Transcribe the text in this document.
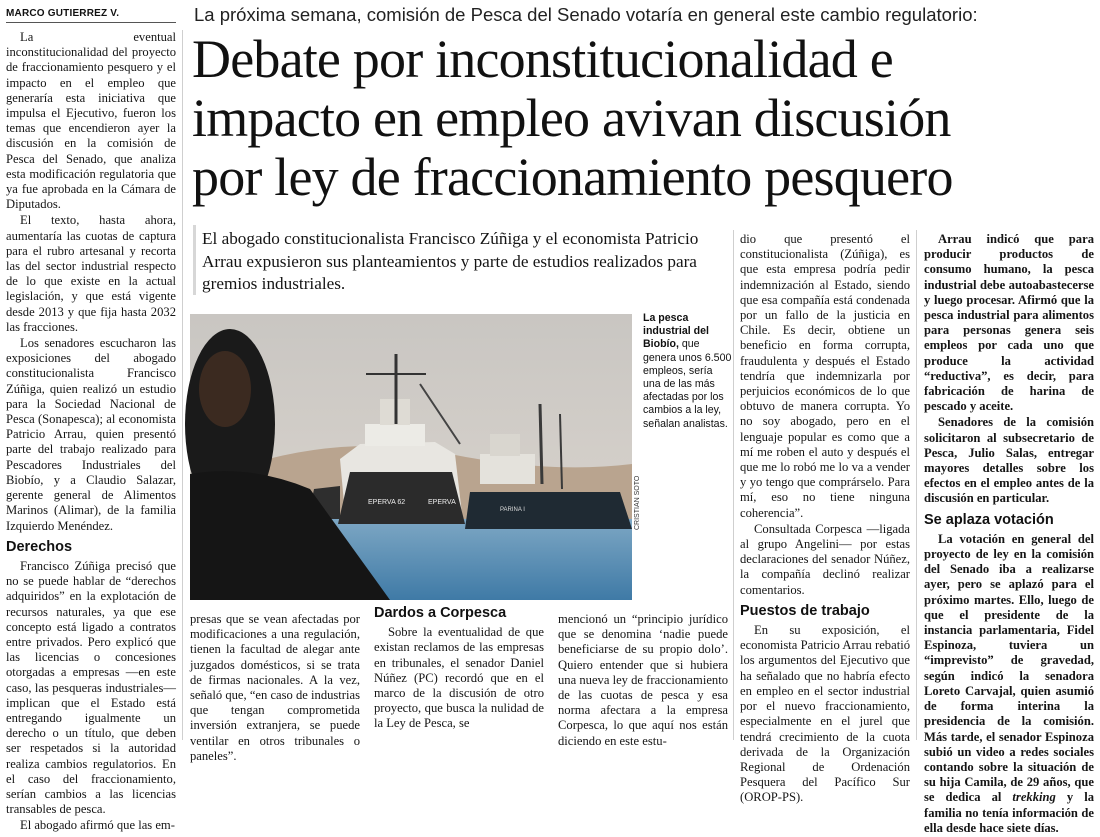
MARCO GUTIERREZ V.	La próxima semana, comisión de Pesca del Senado votaría en general este cambio regulatorio:
Debate por inconstitucionalidad e
impacto en empleo avivan discusión
por ley de fraccionamiento pesquero
El abogado constitucionalista Francisco Zúñiga y el economista Patricio Arrau expusieron sus planteamientos y parte de estudios realizados para gremios industriales.

La eventual inconstitucionalidad del proyecto de fraccionamiento pesquero y el impacto en el empleo que generaría esta iniciativa que impulsa el Ejecutivo, fueron los temas que encendieron ayer la discusión en la comisión de Pesca del Senado, que analiza esta modificación regulatoria que ya fue aprobada en la Cámara de Diputados.

El texto, hasta ahora, aumentaría las cuotas de captura para el rubro artesanal y recorta las del sector industrial respecto de lo que existe en la actual legislación, y que está vigente desde 2013 y que fija hasta 2032 las fracciones.

Los senadores escucharon las exposiciones del abogado constitucionalista Francisco Zúñiga, quien realizó un estudio para la Sociedad Nacional de Pesca (Sonapesca); al economista Patricio Arrau, quien presentó parte del trabajo realizado para Pescadores Industriales del Biobío, y a Claudio Salazar, gerente general de Alimentos Marinos (Alimar), de la familia Izquierdo Menéndez.

Derechos

Francisco Zúñiga precisó que no se puede hablar de “derechos adquiridos” en la explotación de recursos naturales, ya que ese concepto está ligado a contratos entre privados. Pero explicó que las licencias o concesiones otorgadas a empresas —en este caso, las pesqueras industriales— implican que el Estado está entregando igualmente un derecho o un título, que deben ser respetados si la autoridad realiza cambios regulatorios. En el caso del fraccionamiento, serían cambios a las licencias transables de pesca.

El abogado afirmó que las em-

EPERVA 62	EPERVA
PARINA I	CRISTIAN SOTO
La pesca industrial del Biobío, que genera unos 6.500 empleos, sería una de las más afectadas por los cambios a la ley, señalan analistas.

presas que se vean afectadas por modificaciones a una regulación, tienen la facultad de alegar ante juzgados domésticos, si se trata de firmas nacionales. A la vez, señaló que, “en caso de industrias que tengan comprometida inversión extranjera, se puede ventilar en otros tribunales o paneles”.

Dardos a Corpesca

Sobre la eventualidad de que existan reclamos de las empresas en tribunales, el senador Daniel Núñez (PC) recordó que en el marco de la discusión de otro proyecto, que busca la nulidad de la Ley de Pesca, se

mencionó un “principio jurídico que se denomina ‘nadie puede beneficiarse de su propio dolo’. Quiero entender que si hubiera una nueva ley de fraccionamiento de las cuotas de pesca y esa norma afectara a la empresa Corpesca, lo que aquí nos están diciendo en este estu-

dio que presentó el constitucionalista (Zúñiga), es que esta empresa podría pedir indemnización al Estado, siendo que esa compañía está condenada por un fallo de la justicia en Chile. Es decir, obtiene un beneficio en forma corrupta, fraudulenta y después el Estado tendría que indemnizarla por perjuicios económicos de lo que obtuvo de manera corrupta. Yo no soy abogado, pero en el lenguaje popular es como que a mí me roben el auto y después el que me lo robó me lo va a vender y yo tengo que comprárselo. Para mí, eso no tiene ninguna coherencia”.

Consultada Corpesca —ligada al grupo Angelini— por estas declaraciones del senador Núñez, la compañía declinó realizar comentarios.

Puestos de trabajo

En su exposición, el economista Patricio Arrau rebatió los argumentos del Ejecutivo que ha señalado que no habría efecto en empleo en el sector industrial por el nuevo fraccionamiento, especialmente en el jurel que tendrá crecimiento de la cuota derivada de la Organización Regional de Ordenación Pesquera del Pacífico Sur (OROP-PS).

Arrau indicó que para producir productos de consumo humano, la pesca industrial debe autoabastecerse y luego procesar. Afirmó que la pesca industrial para alimentos para personas genera seis empleos por cada uno que produce la actividad “reductiva”, es decir, para fabricación de harina de pescado y aceite.

Senadores de la comisión solicitaron al subsecretario de Pesca, Julio Salas, entregar mayores detalles sobre los efectos en el empleo antes de la discusión en particular.

Se aplaza votación

La votación en general del proyecto de ley en la comisión del Senado iba a realizarse ayer, pero se aplazó para el próximo martes. Ello, luego de que el presidente de la instancia parlamentaria, Fidel Espinoza, tuviera un “imprevisto” de gravedad, según indicó la senadora Loreto Carvajal, quien asumió de forma interina la presidencia de la comisión. Más tarde, el senador Espinoza subió un video a redes sociales contando sobre la situación de su hija Camila, de 29 años, que se dedica al trekking y la familia no tenía información de ella desde hace siete días.
